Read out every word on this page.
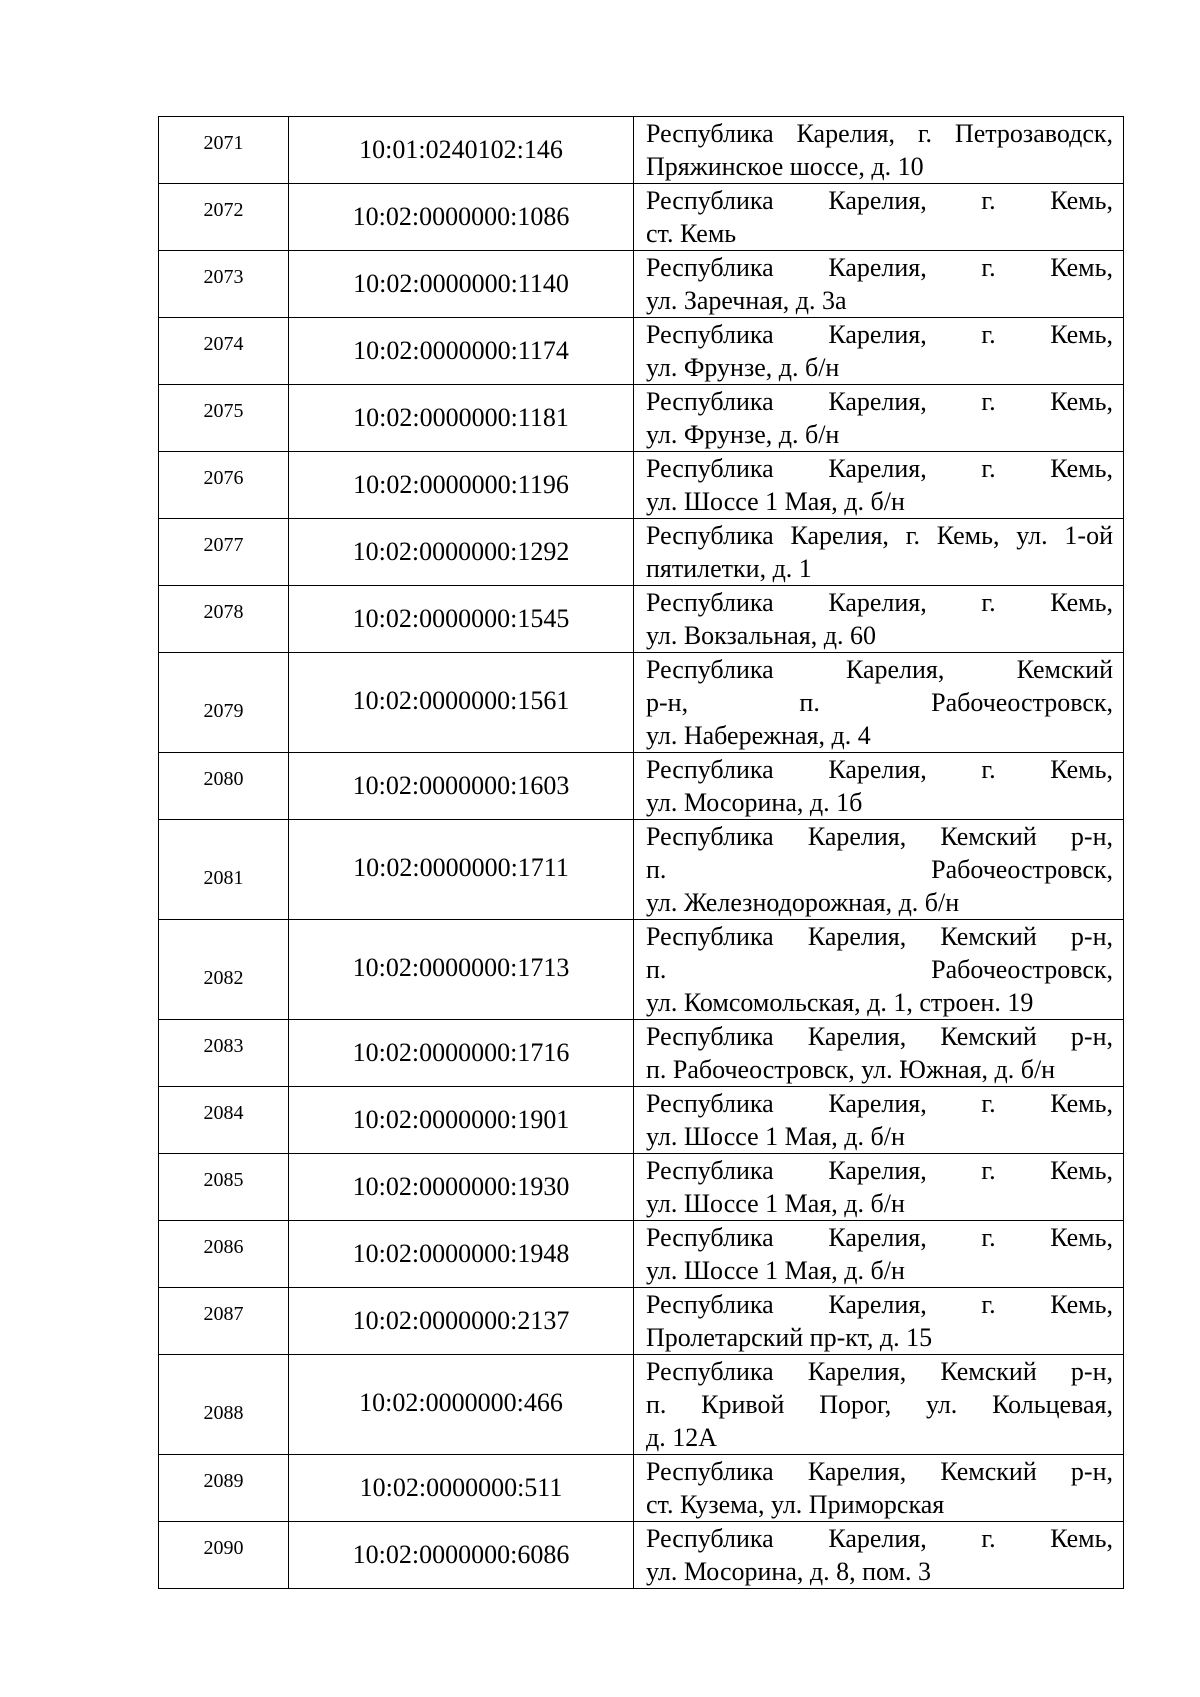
2071	10:01:0240102:146	Республика Карелия, г. Петрозаводск,
Пряжинское шоссе, д. 10

2072	10:02:0000000:1086	Республика Карелия, г. Кемь,
ст. Кемь

2073	10:02:0000000:1140	Республика Карелия, г. Кемь,
ул. Заречная, д. 3а

2074	10:02:0000000:1174	Республика Карелия, г. Кемь,
ул. Фрунзе, д. б/н

2075	10:02:0000000:1181	Республика Карелия, г. Кемь,
ул. Фрунзе, д. б/н

2076	10:02:0000000:1196	Республика Карелия, г. Кемь,
ул. Шоссе 1 Мая, д. б/н

2077	10:02:0000000:1292	Республика Карелия, г. Кемь, ул. 1-ой
пятилетки, д. 1

2078	10:02:0000000:1545	Республика Карелия, г. Кемь,
ул. Вокзальная, д. 60

2079	10:02:0000000:1561	Республика Карелия, Кемский
р-н, п. Рабочеостровск,
ул. Набережная, д. 4

2080	10:02:0000000:1603	Республика Карелия, г. Кемь,
ул. Мосорина, д. 1б

2081	10:02:0000000:1711	Республика Карелия, Кемский р-н,
п. Рабочеостровск,
ул. Железнодорожная, д. б/н

2082	10:02:0000000:1713	Республика Карелия, Кемский р-н,
п. Рабочеостровск,
ул. Комсомольская, д. 1, строен. 19

2083	10:02:0000000:1716	Республика Карелия, Кемский р-н,
п. Рабочеостровск, ул. Южная, д. б/н

2084	10:02:0000000:1901	Республика Карелия, г. Кемь,
ул. Шоссе 1 Мая, д. б/н

2085	10:02:0000000:1930	Республика Карелия, г. Кемь,
ул. Шоссе 1 Мая, д. б/н

2086	10:02:0000000:1948	Республика Карелия, г. Кемь,
ул. Шоссе 1 Мая, д. б/н

2087	10:02:0000000:2137	Республика Карелия, г. Кемь,
Пролетарский пр-кт, д. 15

2088	10:02:0000000:466	Республика Карелия, Кемский р-н,
п. Кривой Порог, ул. Кольцевая,
д. 12А

2089	10:02:0000000:511	Республика Карелия, Кемский р-н,
ст. Кузема, ул. Приморская

2090	10:02:0000000:6086	Республика Карелия, г. Кемь,
ул. Мосорина, д. 8, пом. 3
